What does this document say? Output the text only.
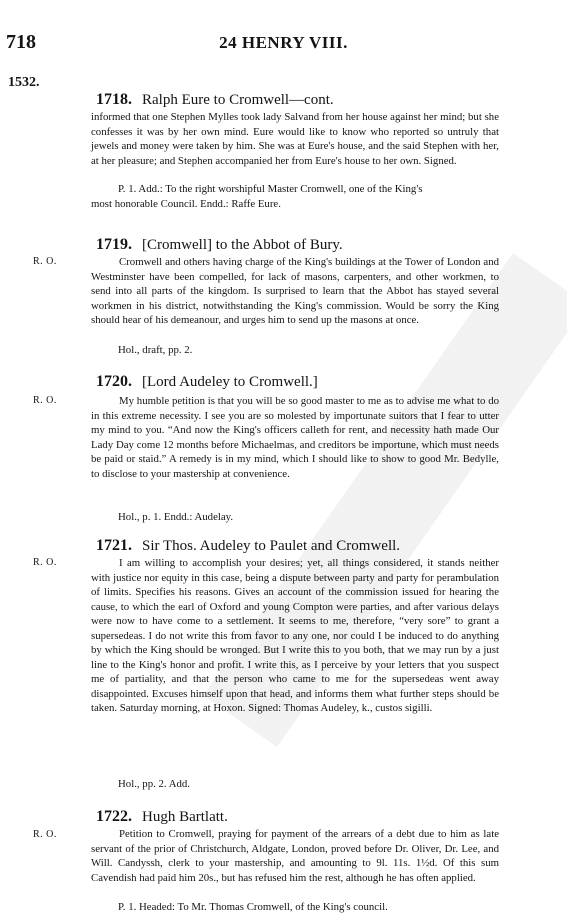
718	24 HENRY VIII.
1532.
1718. Ralph Eure to Cromwell—cont.
informed that one Stephen Mylles took lady Salvand from her house against her mind; but she confesses it was by her own mind. Eure would like to know who reported so untruly that jewels and money were taken by him. She was at Eure's house, and the said Stephen with her, at her pleasure; and Stephen accompanied her from Eure's house to her own. Signed.
P. 1. Add.: To the right worshipful Master Cromwell, one of the King's
most honorable Council. Endd.: Raffe Eure.
1719. [Cromwell] to the Abbot of Bury.
R. O.	Cromwell and others having charge of the King's buildings at the Tower of London and Westminster have been compelled, for lack of masons, carpenters, and other workmen, to send into all parts of the kingdom. Is surprised to learn that the Abbot has stayed several workmen in his district, notwithstanding the King's commission. Would be sorry the King should hear of his demeanour, and urges him to send up the masons at once.
Hol., draft, pp. 2.
1720. [Lord Audeley to Cromwell.]
R. O.	My humble petition is that you will be so good master to me as to advise me what to do in this extreme necessity. I see you are so molested by importunate suitors that I fear to utter my mind to you. “And now the King's officers calleth for rent, and necessity hath made Our Lady Day come 12 months before Michaelmas, and creditors be importune, which must needs be paid or staid.” A remedy is in my mind, which I should like to show to good Mr. Bedylle, to disclose to your mastership at convenience.
Hol., p. 1. Endd.: Audelay.
1721. Sir Thos. Audeley to Paulet and Cromwell.
R. O.	I am willing to accomplish your desires; yet, all things considered, it stands neither with justice nor equity in this case, being a dispute between party and party for perambulation of limits. Specifies his reasons. Gives an account of the commission issued for hearing the cause, to which the earl of Oxford and young Compton were parties, and after various delays were now to have come to a settlement. It seems to me, therefore, “very sore” to grant a supersedeas. I do not write this from favor to any one, nor could I be induced to do anything by which the King should be wronged. But I write this to you both, that we may run by a just line to the King's honor and profit. I write this, as I perceive by your letters that you suspect me of partiality, and that the person who came to me for the supersedeas went away disappointed. Excuses himself upon that head, and informs them what further steps should be taken. Saturday morning, at Hoxon. Signed: Thomas Audeley, k., custos sigilli.
Hol., pp. 2. Add.
1722. Hugh Bartlatt.
R. O.	Petition to Cromwell, praying for payment of the arrears of a debt due to him as late servant of the prior of Christchurch, Aldgate, London, proved before Dr. Oliver, Dr. Lee, and Will. Candyssh, clerk to your mastership, and amounting to 9l. 11s. 1½d. Of this sum Cavendish had paid him 20s., but has refused him the rest, although he has often applied.
P. 1. Headed: To Mr. Thomas Cromwell, of the King's council.
